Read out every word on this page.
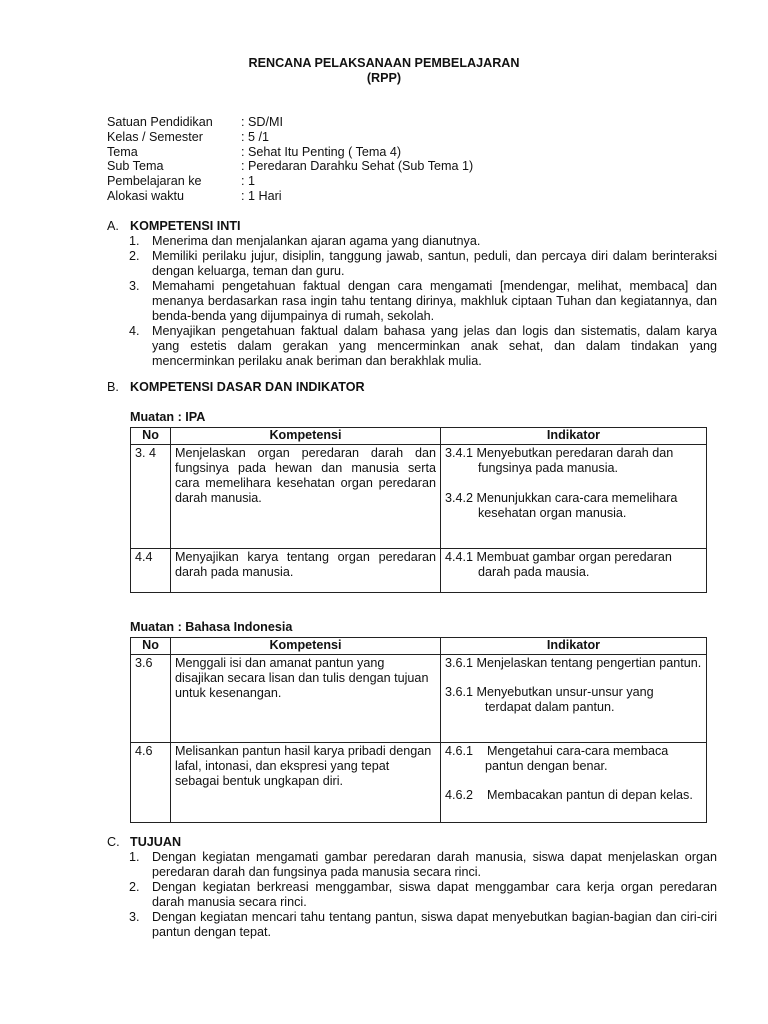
RENCANA PELAKSANAAN PEMBELAJARAN
(RPP)
Satuan Pendidikan : SD/MI
Kelas / Semester	: 5 /1
Tema	: Sehat Itu Penting ( Tema 4)
Sub Tema	: Peredaran Darahku Sehat (Sub Tema 1)
Pembelajaran ke	: 1
Alokasi waktu	: 1 Hari
A. KOMPETENSI INTI
1. Menerima dan menjalankan ajaran agama yang dianutnya.
2. Memiliki perilaku jujur, disiplin, tanggung jawab, santun, peduli, dan percaya diri dalam berinteraksi dengan keluarga, teman dan guru.
3. Memahami pengetahuan faktual dengan cara mengamati [mendengar, melihat, membaca] dan menanya berdasarkan rasa ingin tahu tentang dirinya, makhluk ciptaan Tuhan dan kegiatannya, dan benda-benda yang dijumpainya di rumah, sekolah.
4. Menyajikan pengetahuan faktual dalam bahasa yang jelas dan logis dan sistematis, dalam karya yang estetis dalam gerakan yang mencerminkan anak sehat, dan dalam tindakan yang mencerminkan perilaku anak beriman dan berakhlak mulia.
B. KOMPETENSI DASAR DAN INDIKATOR
Muatan : IPA
No	Kompetensi	Indikator
3. 4	Menjelaskan organ peredaran darah dan fungsinya pada hewan dan manusia serta cara memelihara kesehatan organ peredaran darah manusia.	3.4.1 Menyebutkan peredaran darah dan fungsinya pada manusia.
3.4.2 Menunjukkan cara-cara memelihara kesehatan organ manusia.

4.4	Menyajikan karya tentang organ peredaran darah pada manusia.	4.4.1 Membuat gambar organ peredaran darah pada mausia.
Muatan : Bahasa Indonesia
No	Kompetensi	Indikator
3.6	Menggali isi dan amanat pantun yang disajikan secara lisan dan tulis dengan tujuan untuk kesenangan.	3.6.1 Menjelaskan tentang pengertian pantun.
3.6.1 Menyebutkan unsur-unsur yang terdapat dalam pantun.

4.6	Melisankan pantun hasil karya pribadi dengan lafal, intonasi, dan ekspresi yang tepat sebagai bentuk ungkapan diri.	4.6.1    Mengetahui cara-cara membaca pantun dengan benar.
4.6.2    Membacakan pantun di depan kelas.
C. TUJUAN
1. Dengan kegiatan mengamati gambar peredaran darah manusia, siswa dapat menjelaskan organ peredaran darah dan fungsinya pada manusia secara rinci.
2. Dengan kegiatan berkreasi menggambar, siswa dapat menggambar cara kerja organ peredaran darah manusia secara rinci.
3. Dengan kegiatan mencari tahu tentang pantun, siswa dapat menyebutkan bagian-bagian dan ciri-ciri pantun dengan tepat.
